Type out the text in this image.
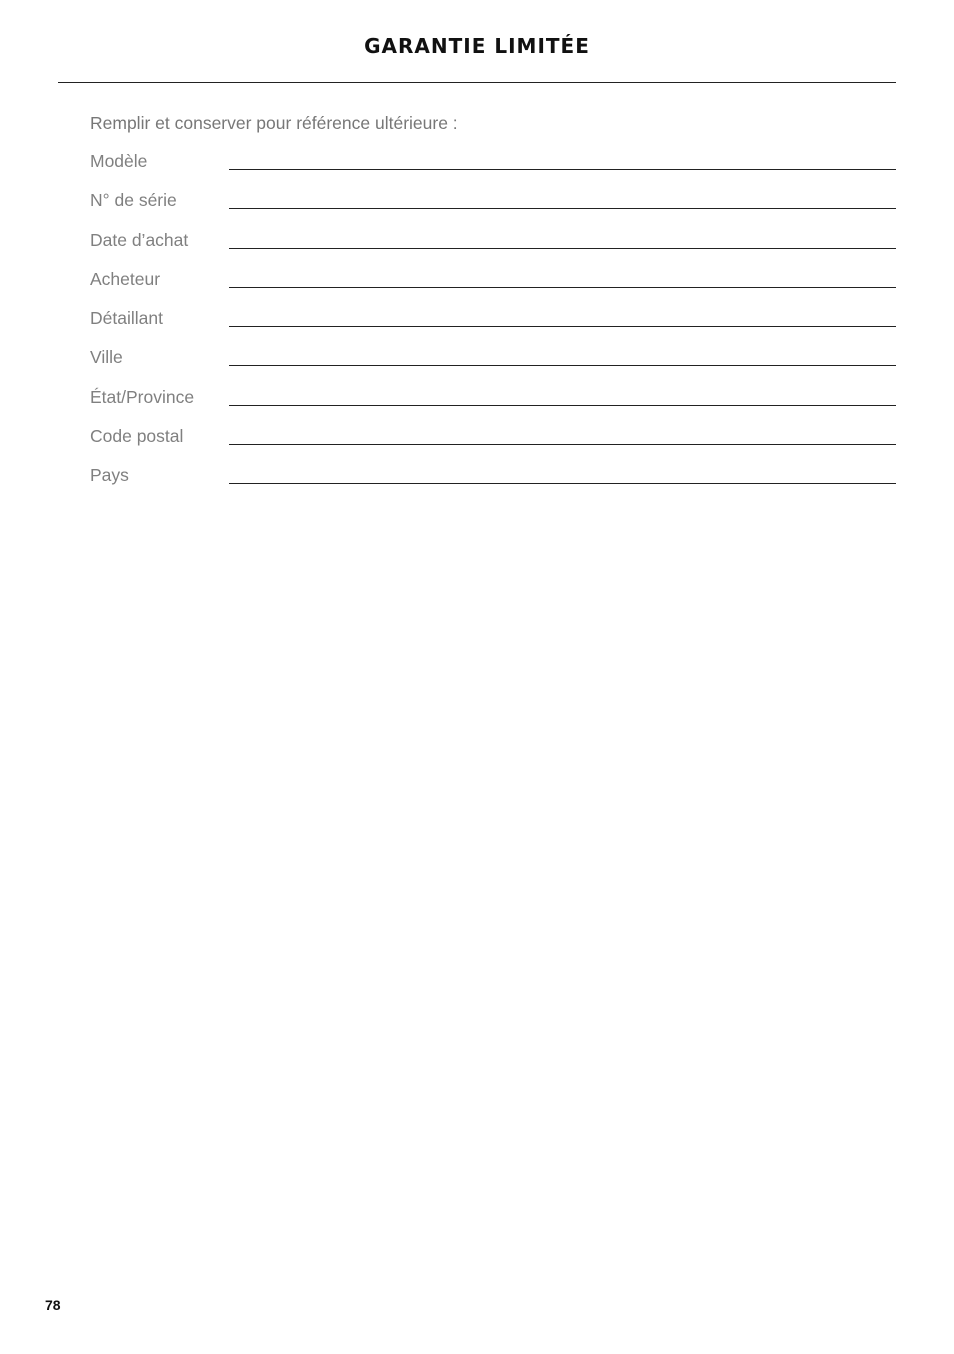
GARANTIE LIMITÉE
Remplir et conserver pour référence ultérieure :
Modèle
N° de série
Date d’achat
Acheteur
Détaillant
Ville
État/Province
Code postal
Pays
78
